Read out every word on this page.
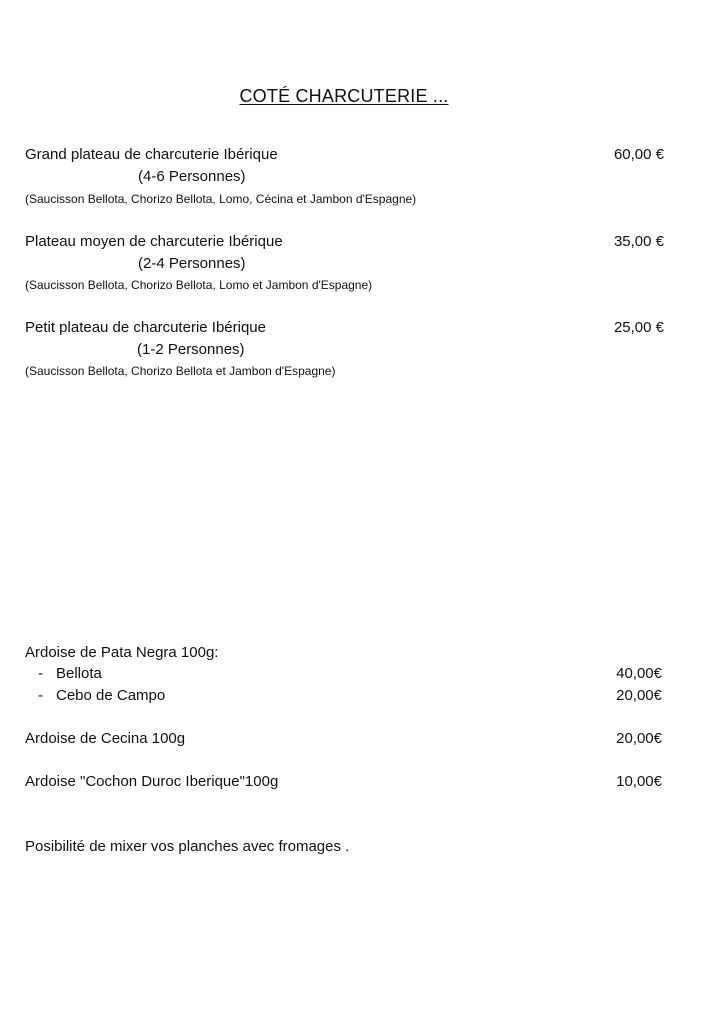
COTÉ CHARCUTERIE ...
Grand plateau de charcuterie Ibérique	60,00 €
(4-6 Personnes)
(Saucisson Bellota, Chorizo Bellota, Lomo, Cécina et Jambon d'Espagne)
Plateau moyen de charcuterie Ibérique	35,00 €
(2-4 Personnes)
(Saucisson Bellota, Chorizo Bellota, Lomo et Jambon d'Espagne)
Petit plateau de charcuterie Ibérique	25,00 €
(1-2 Personnes)
(Saucisson Bellota, Chorizo Bellota et Jambon d'Espagne)
Ardoise de Pata Negra 100g:
- Bellota	40,00€
- Cebo de Campo	20,00€
Ardoise de Cecina 100g	20,00€
Ardoise "Cochon Duroc Iberique"100g	10,00€
Posibilité de mixer vos planches avec fromages .
